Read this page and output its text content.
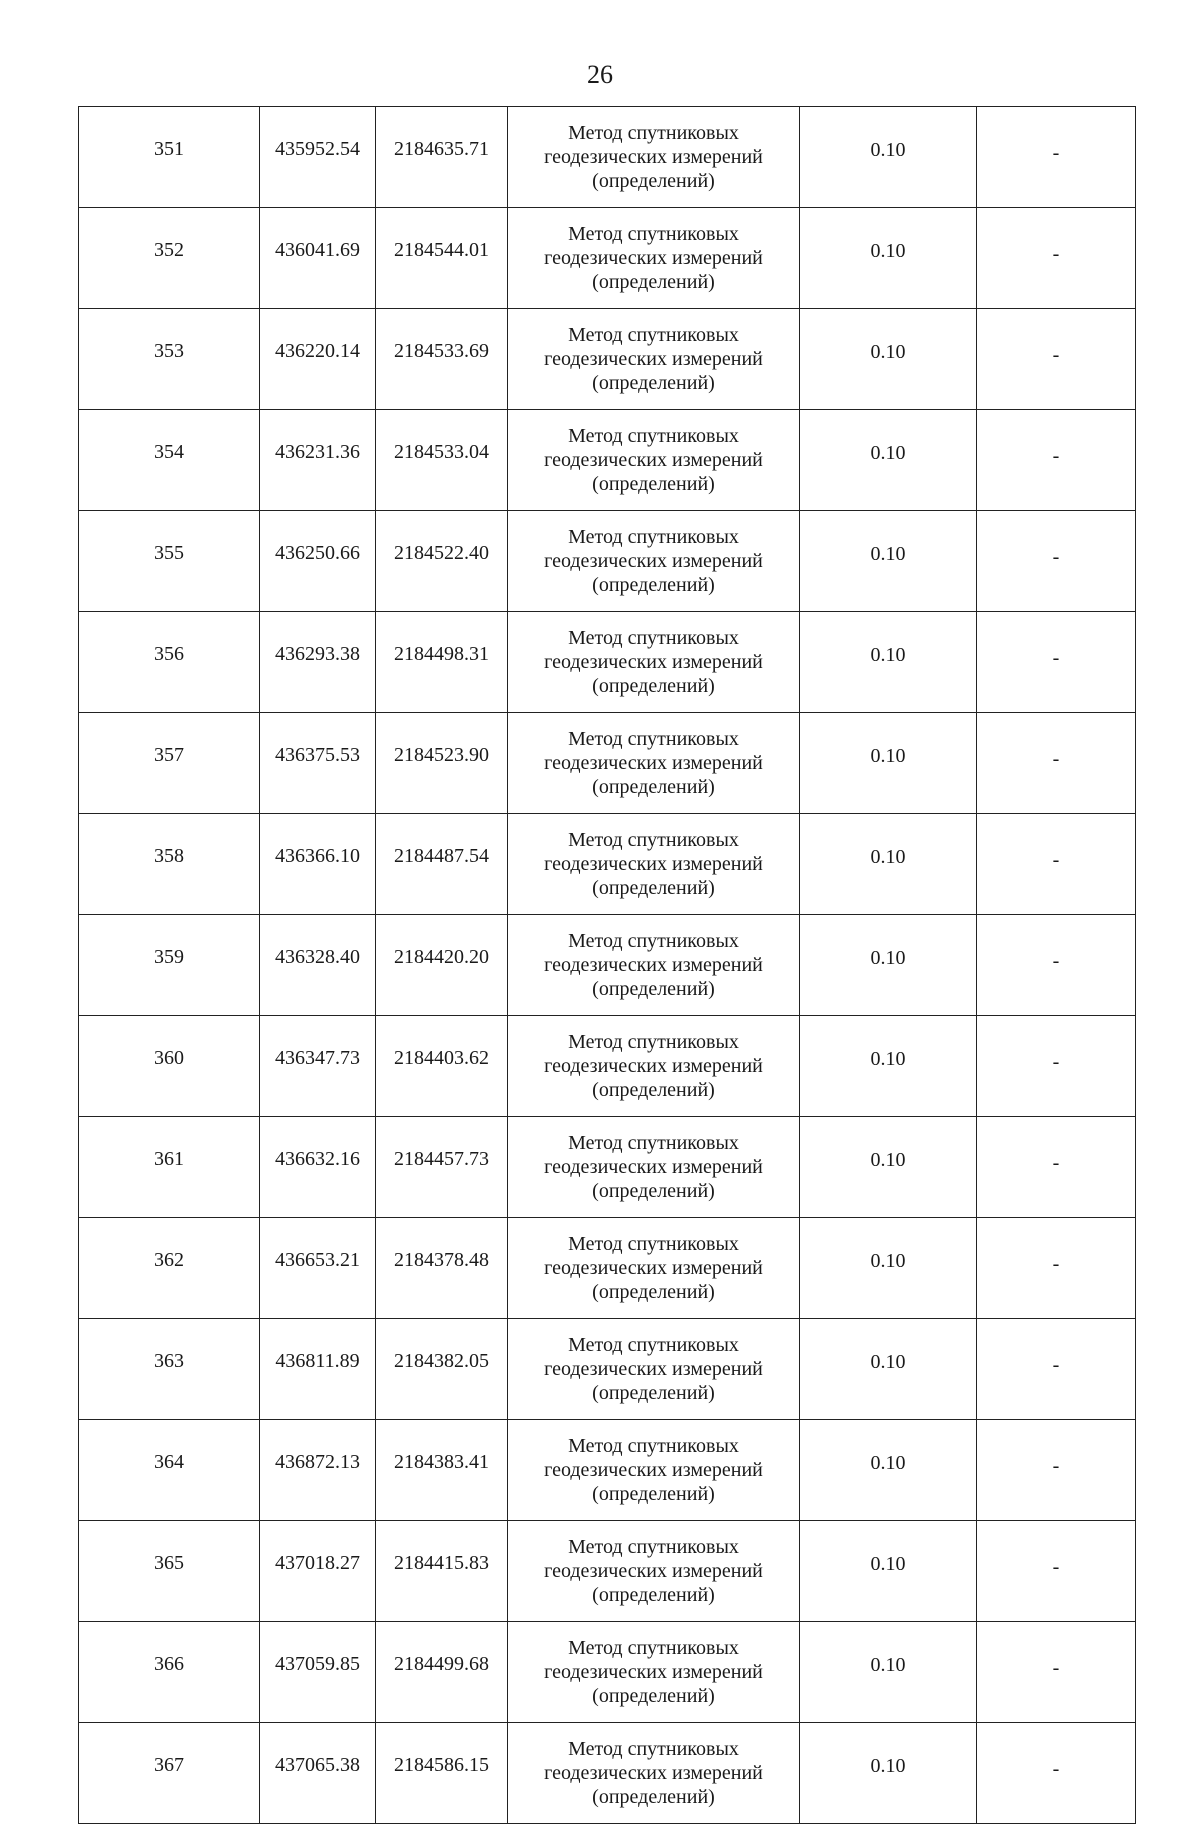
26
351	435952.54	2184635.71	Метод спутниковых
геодезических измерений
(определений)	0.10	-
352	436041.69	2184544.01	Метод спутниковых
геодезических измерений
(определений)	0.10	-
353	436220.14	2184533.69	Метод спутниковых
геодезических измерений
(определений)	0.10	-
354	436231.36	2184533.04	Метод спутниковых
геодезических измерений
(определений)	0.10	-
355	436250.66	2184522.40	Метод спутниковых
геодезических измерений
(определений)	0.10	-
356	436293.38	2184498.31	Метод спутниковых
геодезических измерений
(определений)	0.10	-
357	436375.53	2184523.90	Метод спутниковых
геодезических измерений
(определений)	0.10	-
358	436366.10	2184487.54	Метод спутниковых
геодезических измерений
(определений)	0.10	-
359	436328.40	2184420.20	Метод спутниковых
геодезических измерений
(определений)	0.10	-
360	436347.73	2184403.62	Метод спутниковых
геодезических измерений
(определений)	0.10	-
361	436632.16	2184457.73	Метод спутниковых
геодезических измерений
(определений)	0.10	-
362	436653.21	2184378.48	Метод спутниковых
геодезических измерений
(определений)	0.10	-
363	436811.89	2184382.05	Метод спутниковых
геодезических измерений
(определений)	0.10	-
364	436872.13	2184383.41	Метод спутниковых
геодезических измерений
(определений)	0.10	-
365	437018.27	2184415.83	Метод спутниковых
геодезических измерений
(определений)	0.10	-
366	437059.85	2184499.68	Метод спутниковых
геодезических измерений
(определений)	0.10	-
367	437065.38	2184586.15	Метод спутниковых
геодезических измерений
(определений)	0.10	-
